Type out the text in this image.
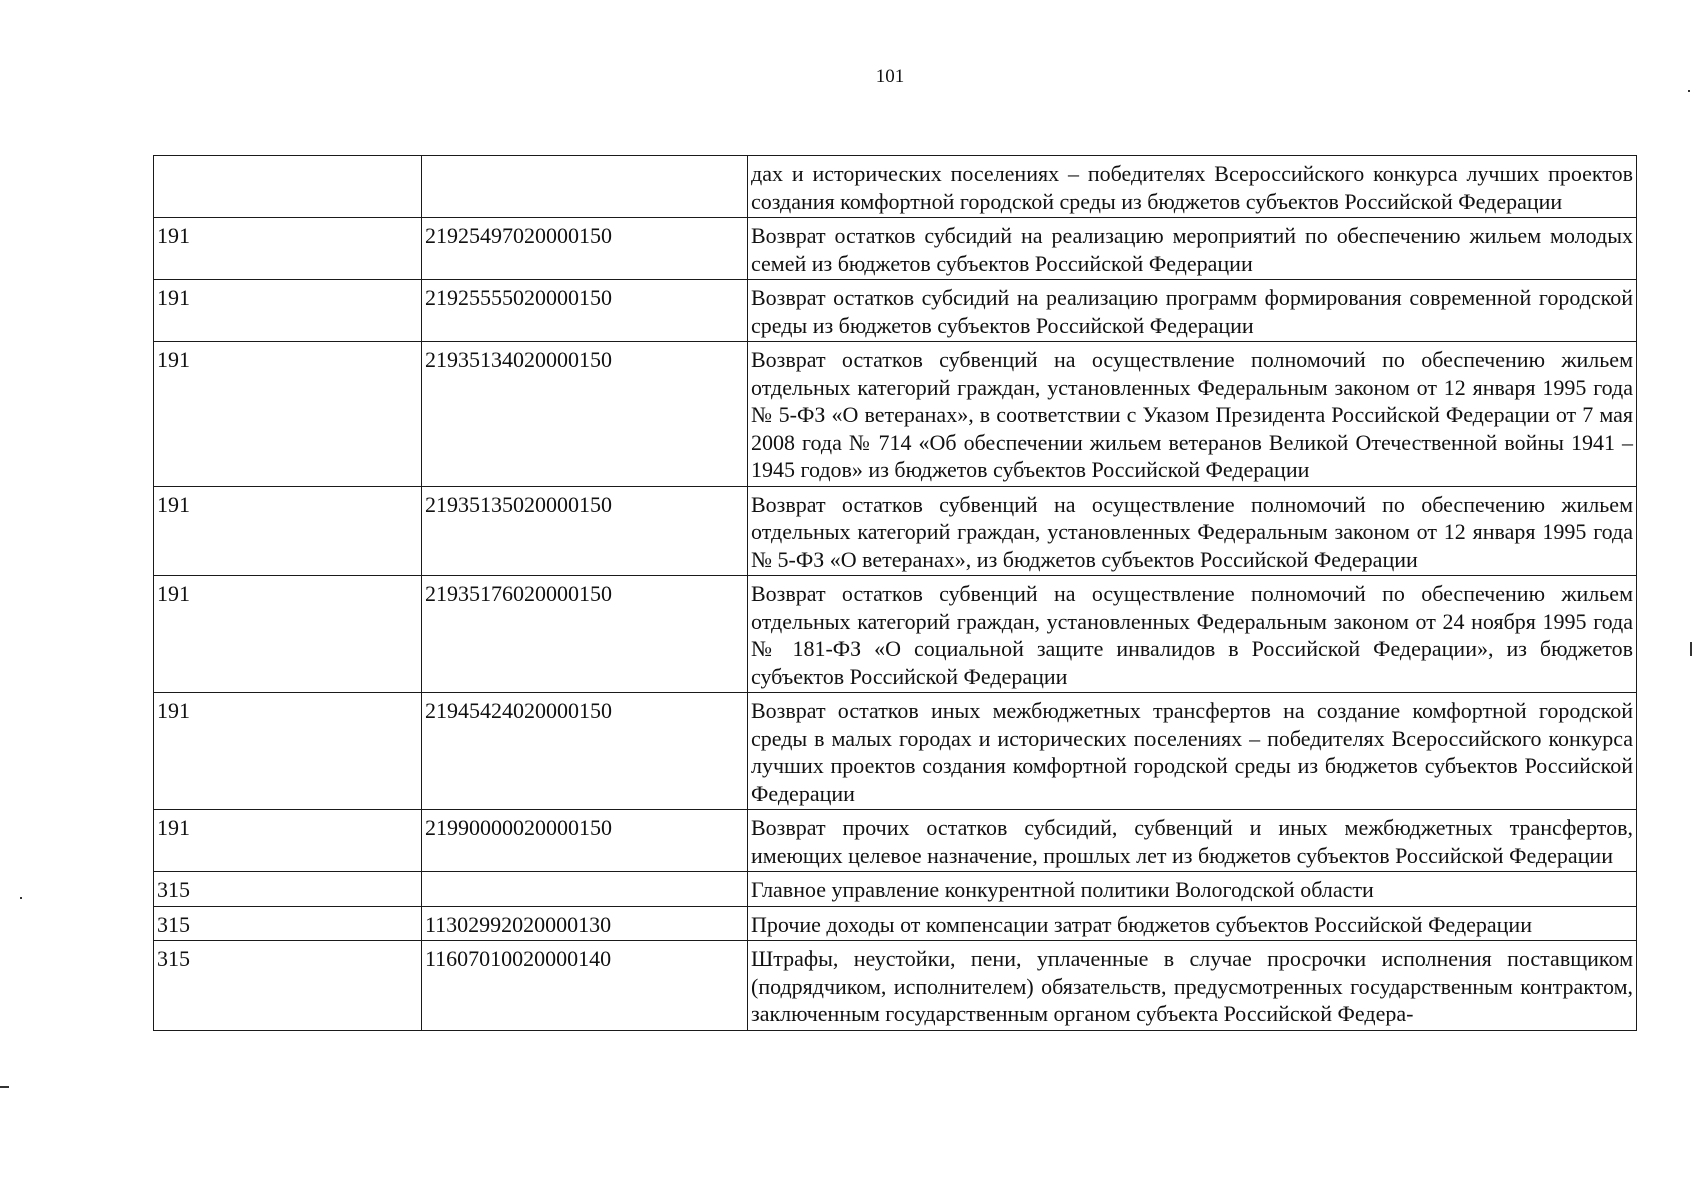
101
		дах и исторических поселениях – победителях Всероссийского конкурса лучших проектов создания комфортной городской среды из бюджетов субъектов Российской Федерации
191	21925497020000150	Возврат остатков субсидий на реализацию мероприятий по обеспечению жильем молодых семей из бюджетов субъектов Российской Федерации
191	21925555020000150	Возврат остатков субсидий на реализацию программ формирования современной городской среды из бюджетов субъектов Российской Федерации
191	21935134020000150	Возврат остатков субвенций на осуществление полномочий по обеспечению жильем отдельных категорий граждан, установленных Федеральным законом от 12 января 1995 года № 5-ФЗ «О ветеранах», в соответствии с Указом Президента Российской Федерации от 7 мая 2008 года № 714 «Об обеспечении жильем ветеранов Великой Отечественной войны 1941 – 1945 годов» из бюджетов субъектов Российской Федерации
191	21935135020000150	Возврат остатков субвенций на осуществление полномочий по обеспечению жильем отдельных категорий граждан, установленных Федеральным законом от 12 января 1995 года № 5-ФЗ «О ветеранах», из бюджетов субъектов Российской Федерации
191	21935176020000150	Возврат остатков субвенций на осуществление полномочий по обеспечению жильем отдельных категорий граждан, установленных Федеральным законом от 24 ноября 1995 года № 181-ФЗ «О социальной защите инвалидов в Российской Федерации», из бюджетов субъектов Российской Федерации
191	21945424020000150	Возврат остатков иных межбюджетных трансфертов на создание комфортной городской среды в малых городах и исторических поселениях – победителях Всероссийского конкурса лучших проектов создания комфортной городской среды из бюджетов субъектов Российской Федерации
191	21990000020000150	Возврат прочих остатков субсидий, субвенций и иных межбюджетных трансфертов, имеющих целевое назначение, прошлых лет из бюджетов субъектов Российской Федерации
315		Главное управление конкурентной политики Вологодской области
315	11302992020000130	Прочие доходы от компенсации затрат бюджетов субъектов Российской Федерации
315	11607010020000140	Штрафы, неустойки, пени, уплаченные в случае просрочки исполнения поставщиком (подрядчиком, исполнителем) обязательств, предусмотренных государственным контрактом, заключенным государственным органом субъекта Российской Федера-
